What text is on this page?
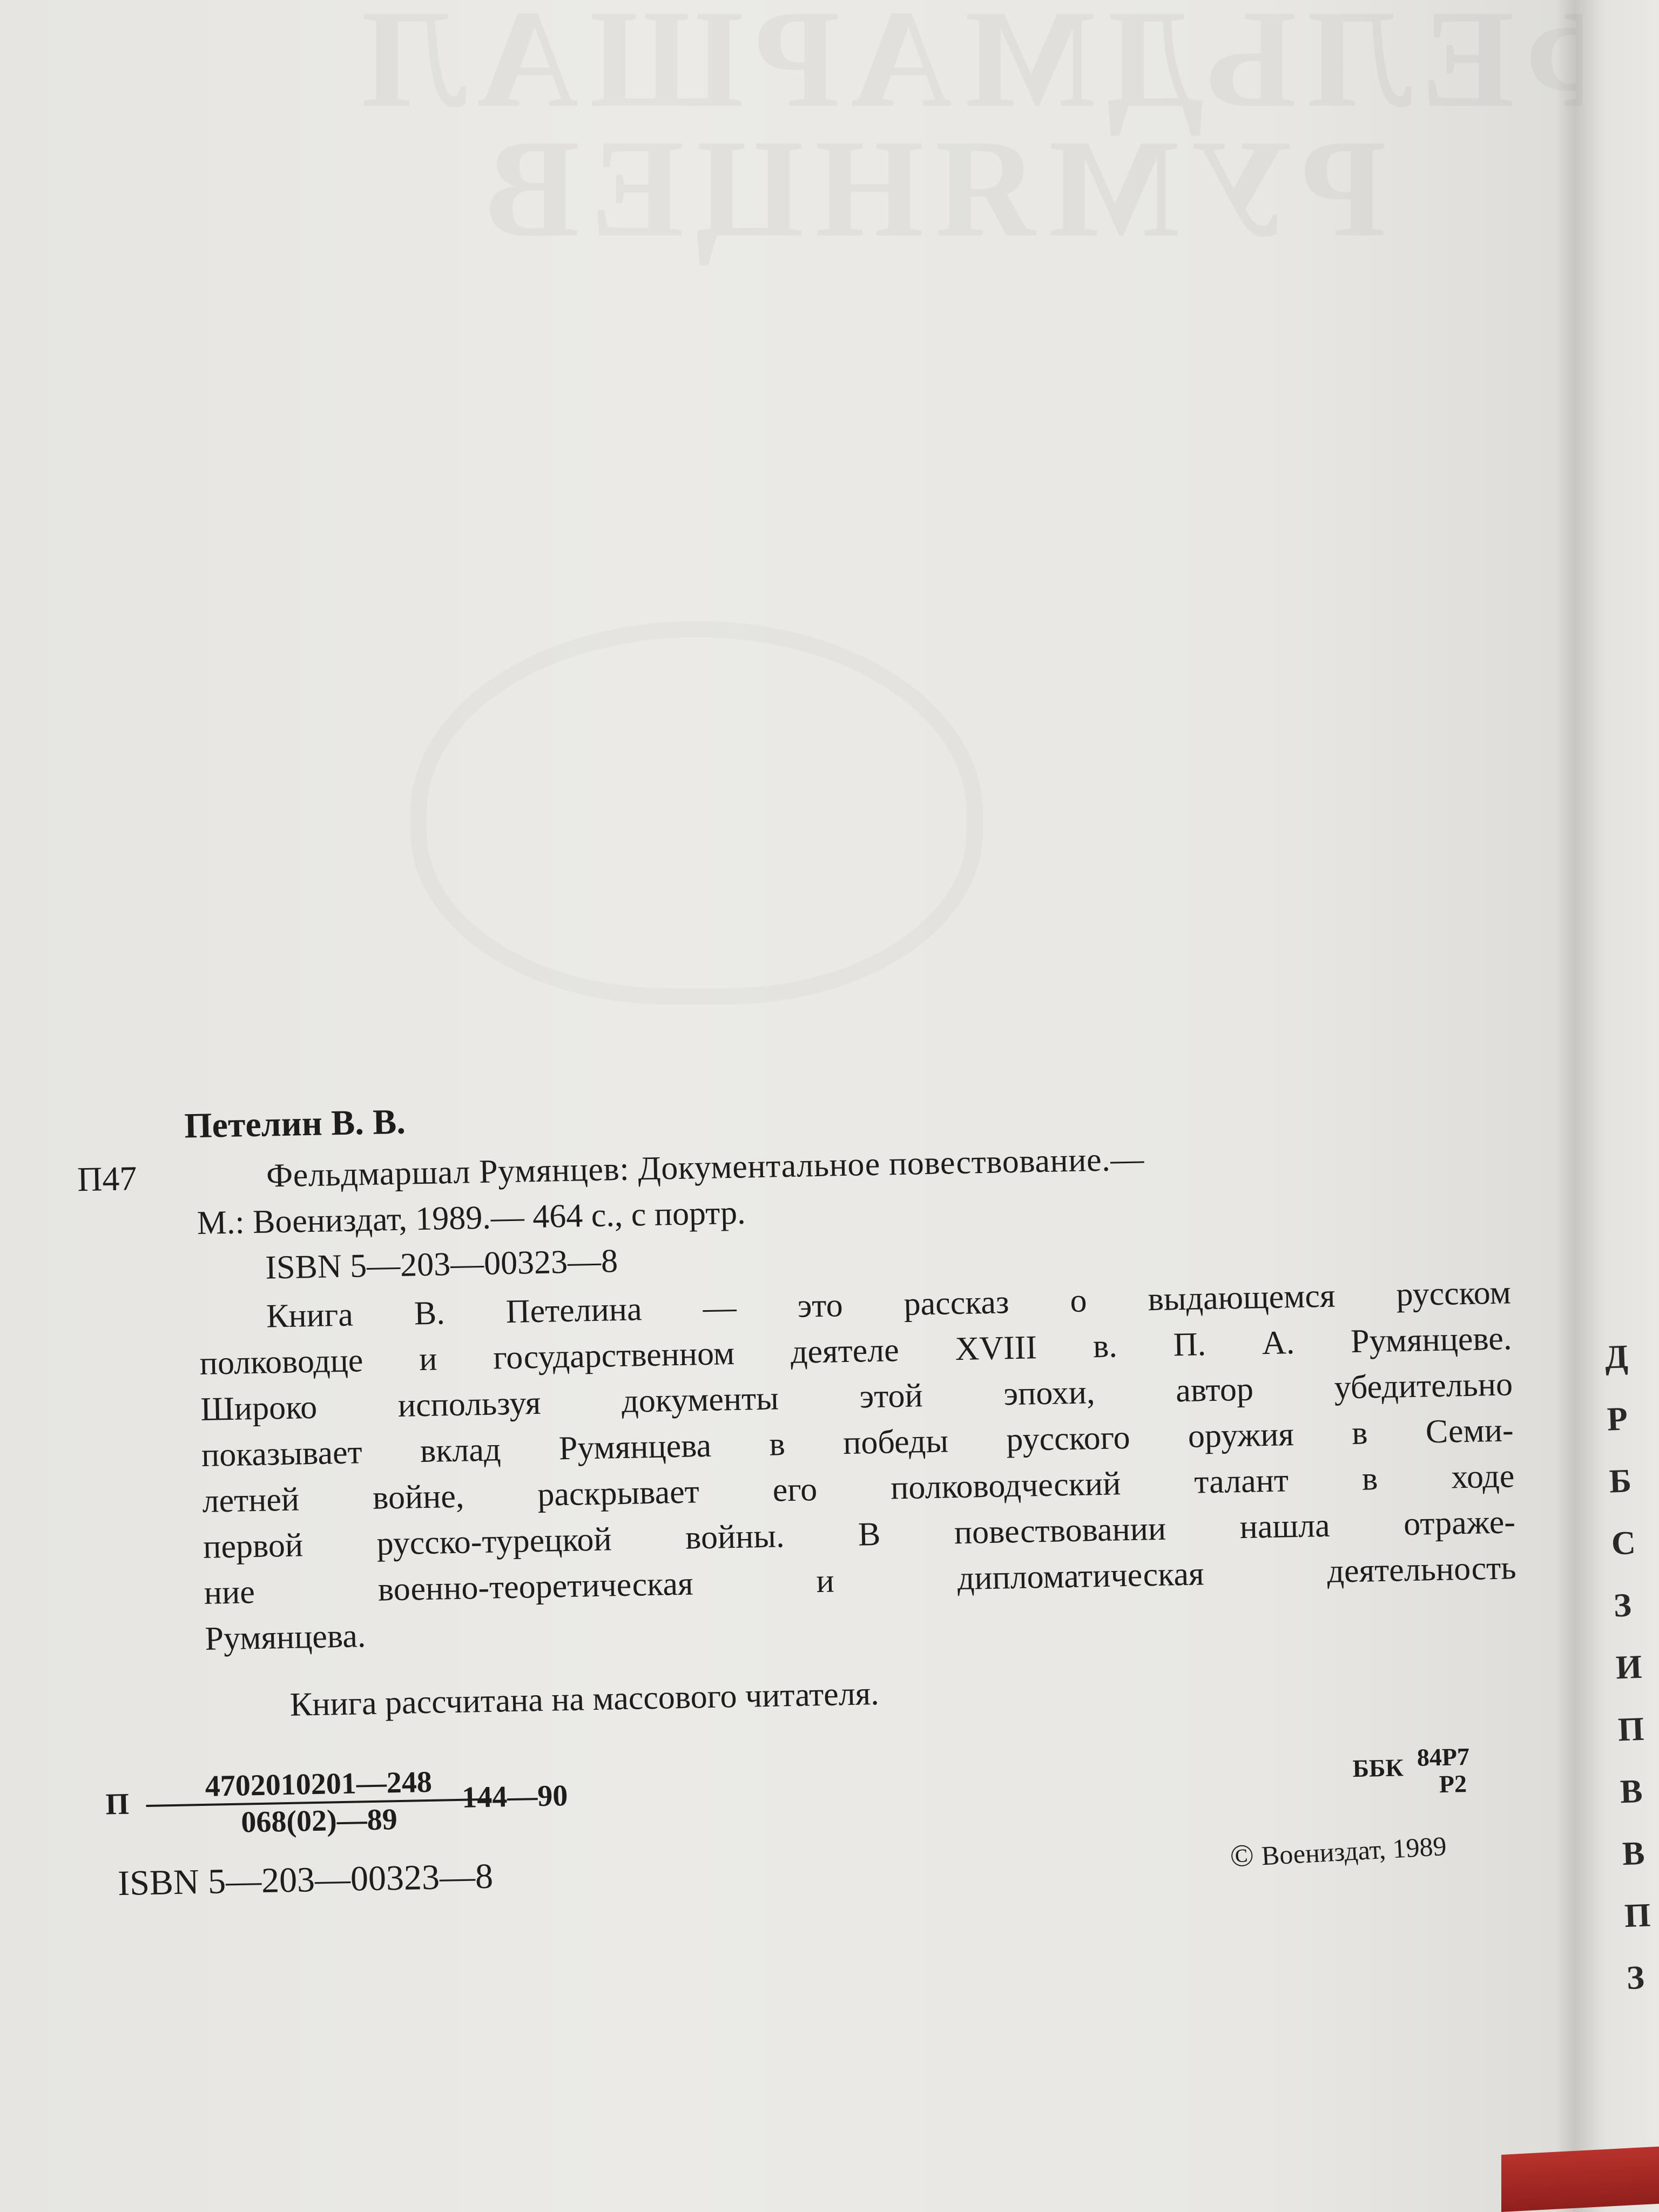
ФЕЛЬДМАРШАЛ
РУМЯНЦЕВ
Петелин В. В.
П47	Фельдмаршал Румянцев: Документальное повествование.—
М.: Воениздат, 1989.— 464 с., с портр.
ISBN 5—203—00323—8
Книга В. Петелина — это рассказ о выдающемся русском
полководце и государственном деятеле XVIII в. П. А. Румянцеве.
Широко используя документы этой эпохи, автор убедительно
показывает вклад Румянцева в победы русского оружия в Семи-
летней войне, раскрывает его полководческий талант в ходе
первой русско-турецкой войны. В повествовании нашла отраже-
ние военно-теоретическая и дипломатическая деятельность
Румянцева.
Книга рассчитана на массового читателя.
П $\frac{4702010201—248}{068(02)—89}$
144—90
ББК 84Р7
Р2
ISBN 5—203—00323—8
© Воениздат, 1989
Д
Р
Б
С
З
И
П
В
В
П
З
